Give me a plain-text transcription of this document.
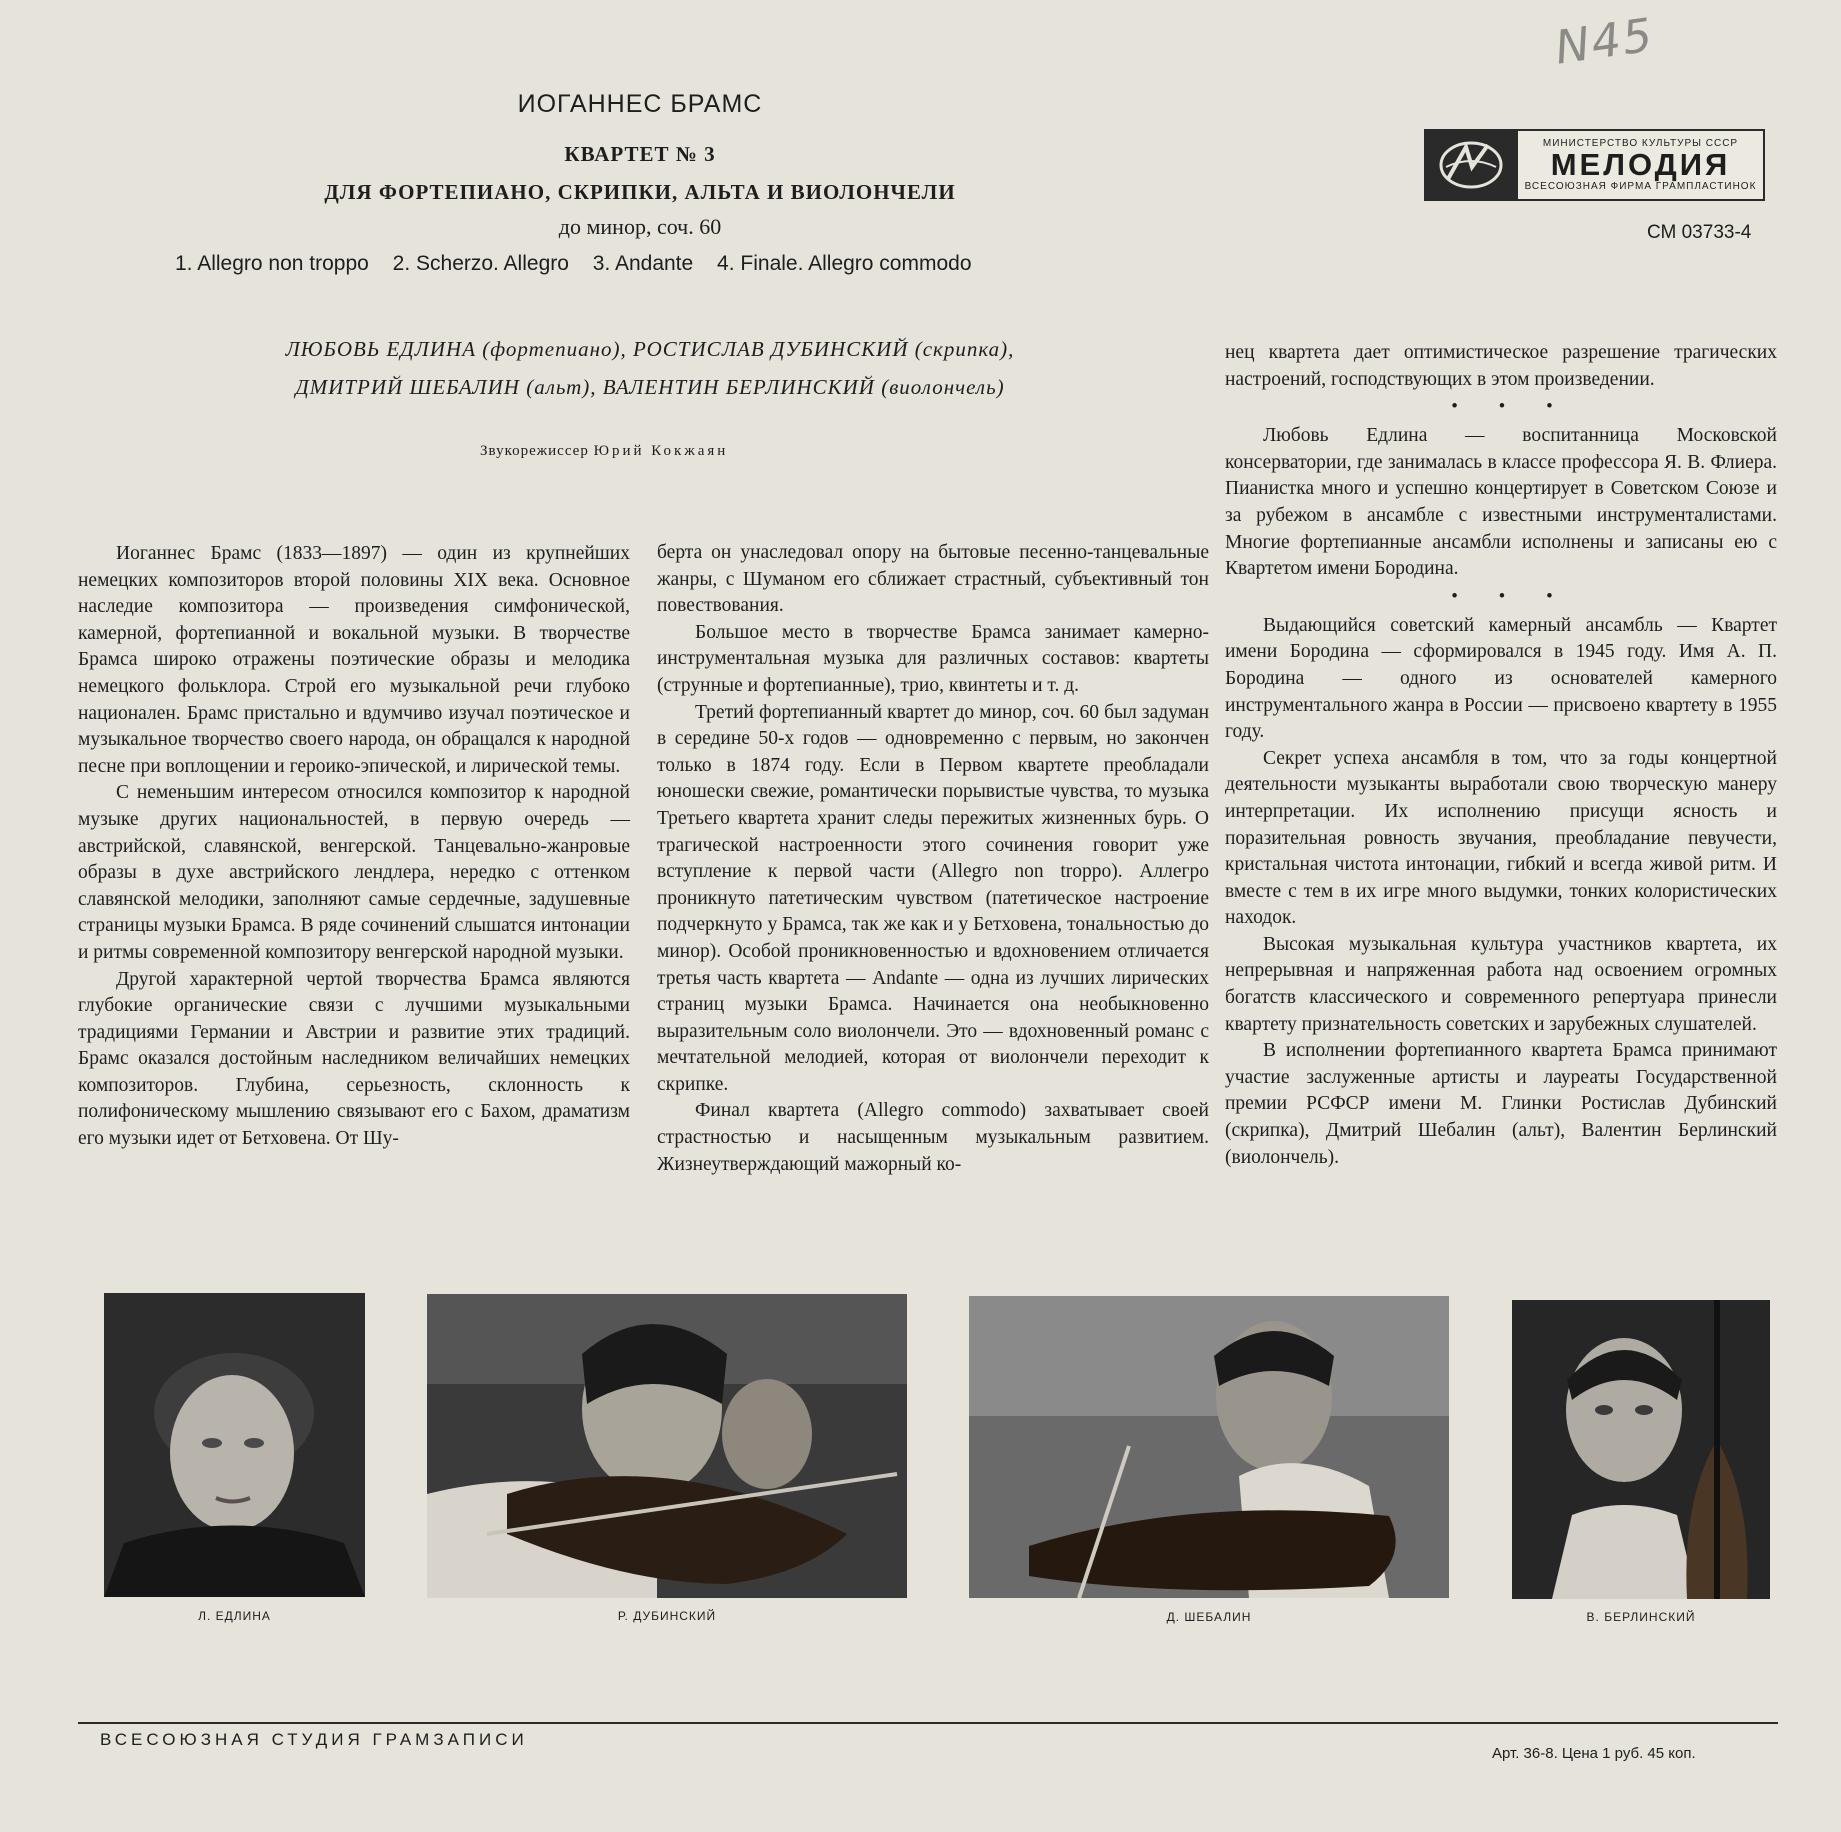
N45
ИОГАННЕС БРАМС
КВАРТЕТ № 3
ДЛЯ ФОРТЕПИАНО, СКРИПКИ, АЛЬТА И ВИОЛОНЧЕЛИ
до минор, соч. 60
1. Allegro non troppo 2. Scherzo. Allegro 3. Andante 4. Finale. Allegro commodo
ЛЮБОВЬ ЕДЛИНА (фортепиано), РОСТИСЛАВ ДУБИНСКИЙ (скрипка),
ДМИТРИЙ ШЕБАЛИН (альт), ВАЛЕНТИН БЕРЛИНСКИЙ (виолончель)
Звукорежиссер Юрий Кокжаян
МИНИСТЕРСТВО КУЛЬТУРЫ СССР
МЕЛОДИЯ
ВСЕСОЮЗНАЯ ФИРМА ГРАМПЛАСТИНОК
СМ 03733-4

Иоганнес Брамс (1833—1897) — один из крупнейших немецких композиторов второй половины XIX века. Основное наследие композитора — произведения симфонической, камерной, фортепианной и вокальной музыки. В творчестве Брамса широко отражены поэтические образы и мелодика немецкого фольклора. Строй его музыкальной речи глубоко национален. Брамс пристально и вдумчиво изучал поэтическое и музыкальное творчество своего народа, он обращался к народной песне при воплощении и героико-эпической, и лирической темы.

С неменьшим интересом относился композитор к народной музыке других национальностей, в первую очередь — австрийской, славянской, венгерской. Танцевально-жанровые образы в духе австрийского лендлера, нередко с оттенком славянской мелодики, заполняют самые сердечные, задушевные страницы музыки Брамса. В ряде сочинений слышатся интонации и ритмы современной композитору венгерской народной музыки.

Другой характерной чертой творчества Брамса являются глубокие органические связи с лучшими музыкальными традициями Германии и Австрии и развитие этих традиций. Брамс оказался достойным наследником величайших немецких композиторов. Глубина, серьезность, склонность к полифоническому мышлению связывают его с Бахом, драматизм его музыки идет от Бетховена. От Шу-

берта он унаследовал опору на бытовые песенно-танцевальные жанры, с Шуманом его сближает страстный, субъективный тон повествования.

Большое место в творчестве Брамса занимает камерно-инструментальная музыка для различных составов: квартеты (струнные и фортепианные), трио, квинтеты и т. д.

Третий фортепианный квартет до минор, соч. 60 был задуман в середине 50-х годов — одновременно с первым, но закончен только в 1874 году. Если в Первом квартете преобладали юношески свежие, романтически порывистые чувства, то музыка Третьего квартета хранит следы пережитых жизненных бурь. О трагической настроенности этого сочинения говорит уже вступление к первой части (Allegro non troppo). Аллегро проникнуто патетическим чувством (патетическое настроение подчеркнуто у Брамса, так же как и у Бетховена, тональностью до минор). Особой проникновенностью и вдохновением отличается третья часть квартета — Andante — одна из лучших лирических страниц музыки Брамса. Начинается она необыкновенно выразительным соло виолончели. Это — вдохновенный романс с мечтательной мелодией, которая от виолончели переходит к скрипке.

Финал квартета (Allegro commodo) захватывает своей страстностью и насыщенным музыкальным развитием. Жизнеутверждающий мажорный ко-

нец квартета дает оптимистическое разрешение трагических настроений, господствующих в этом произведении.

• • •

Любовь Едлина — воспитанница Московской консерватории, где занималась в классе профессора Я. В. Флиера. Пианистка много и успешно концертирует в Советском Союзе и за рубежом в ансамбле с известными инструменталистами. Многие фортепианные ансамбли исполнены и записаны ею с Квартетом имени Бородина.

• • •

Выдающийся советский камерный ансамбль — Квартет имени Бородина — сформировался в 1945 году. Имя А. П. Бородина — одного из основателей камерного инструментального жанра в России — присвоено квартету в 1955 году.

Секрет успеха ансамбля в том, что за годы концертной деятельности музыканты выработали свою творческую манеру интерпретации. Их исполнению присущи ясность и поразительная ровность звучания, преобладание певучести, кристальная чистота интонации, гибкий и всегда живой ритм. И вместе с тем в их игре много выдумки, тонких колористических находок.

Высокая музыкальная культура участников квартета, их непрерывная и напряженная работа над освоением огромных богатств классического и современного репертуара принесли квартету признательность советских и зарубежных слушателей.

В исполнении фортепианного квартета Брамса принимают участие заслуженные артисты и лауреаты Государственной премии РСФСР имени М. Глинки Ростислав Дубинский (скрипка), Дмитрий Шебалин (альт), Валентин Берлинский (виолончель).

Л. ЕДЛИНА	Р. ДУБИНСКИЙ	Д. ШЕБАЛИН	В. БЕРЛИНСКИЙ
ВСЕСОЮЗНАЯ СТУДИЯ ГРАМЗАПИСИ
Арт. 36-8. Цена 1 руб. 45 коп.
